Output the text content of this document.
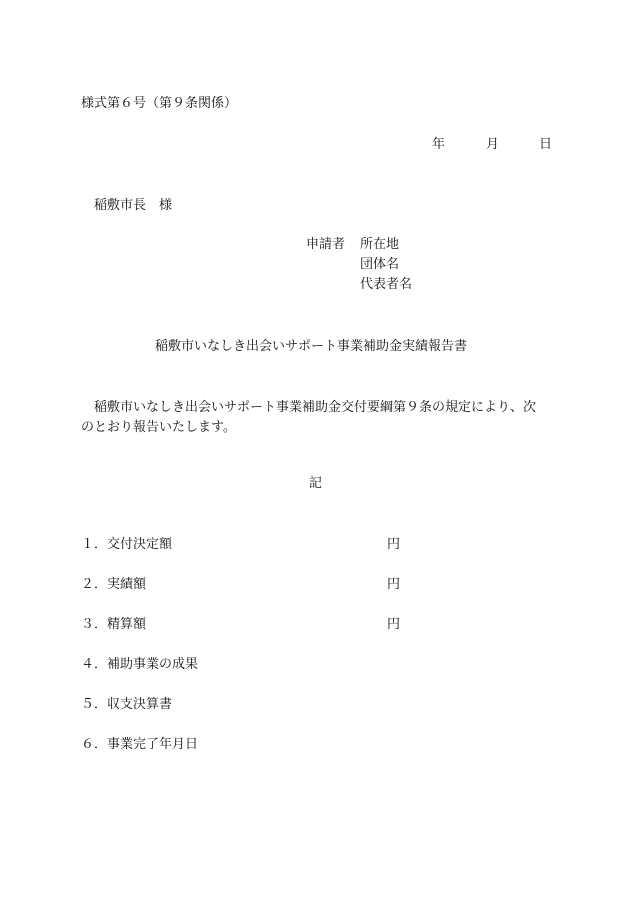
様式第６号（第９条関係）
年	月	日
稲敷市長　様
申請者 所在地
団体名
代表者名
稲敷市いなしき出会いサポート事業補助金実績報告書
稲敷市いなしき出会いサポート事業補助金交付要綱第９条の規定により、次
のとおり報告いたします。
記
１． 交付決定額	円
２． 実績額	円
３． 精算額	円
４． 補助事業の成果
５． 収支決算書
６． 事業完了年月日
